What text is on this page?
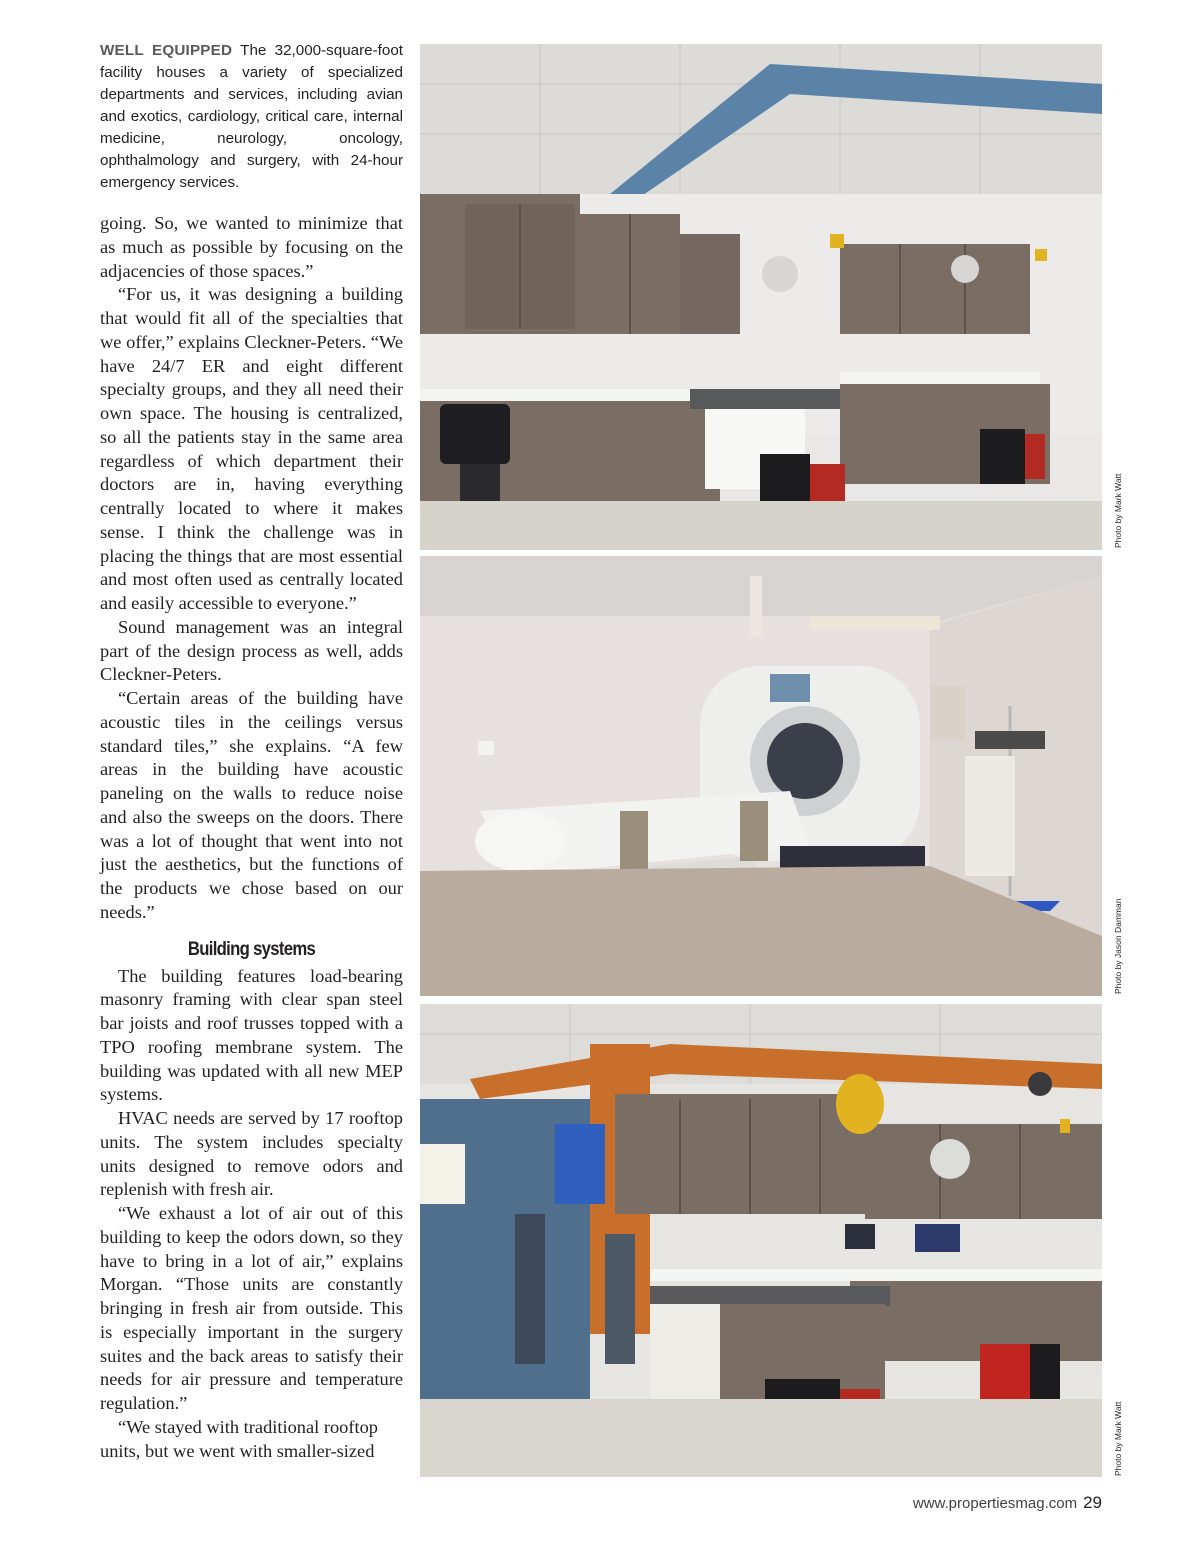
WELL EQUIPPED The 32,000-square-foot facility houses a variety of specialized departments and services, including avian and exotics, cardiology, critical care, internal medicine, neurology, oncology, ophthalmology and surgery, with 24-hour emergency services.

going. So, we wanted to minimize that as much as possible by focusing on the adjacencies of those spaces.”

“For us, it was designing a building that would fit all of the specialties that we offer,” explains Cleckner-Peters. “We have 24/7 ER and eight different specialty groups, and they all need their own space. The housing is centralized, so all the patients stay in the same area regardless of which department their doctors are in, having everything centrally located to where it makes sense. I think the challenge was in placing the things that are most essential and most often used as centrally located and easily accessible to everyone.”

Sound management was an integral part of the design process as well, adds Cleckner-Peters.

“Certain areas of the building have acoustic tiles in the ceilings versus standard tiles,” she explains. “A few areas in the building have acoustic paneling on the walls to reduce noise and also the sweeps on the doors. There was a lot of thought that went into not just the aesthetics, but the functions of the products we chose based on our needs.”

Building systems

The building features load-bearing masonry framing with clear span steel bar joists and roof trusses topped with a TPO roofing membrane system. The building was updated with all new MEP systems.

HVAC needs are served by 17 rooftop units. The system includes specialty units designed to remove odors and replenish with fresh air.

“We exhaust a lot of air out of this building to keep the odors down, so they have to bring in a lot of air,” explains Morgan. “Those units are constantly bringing in fresh air from outside. This is especially important in the surgery suites and the back areas to satisfy their needs for air pressure and temperature regulation.”

“We stayed with traditional rooftop units, but we went with smaller-sized

Photo by Mark Watt
Photo by Jason Damman
Photo by Mark Watt
www.propertiesmag.com 29
